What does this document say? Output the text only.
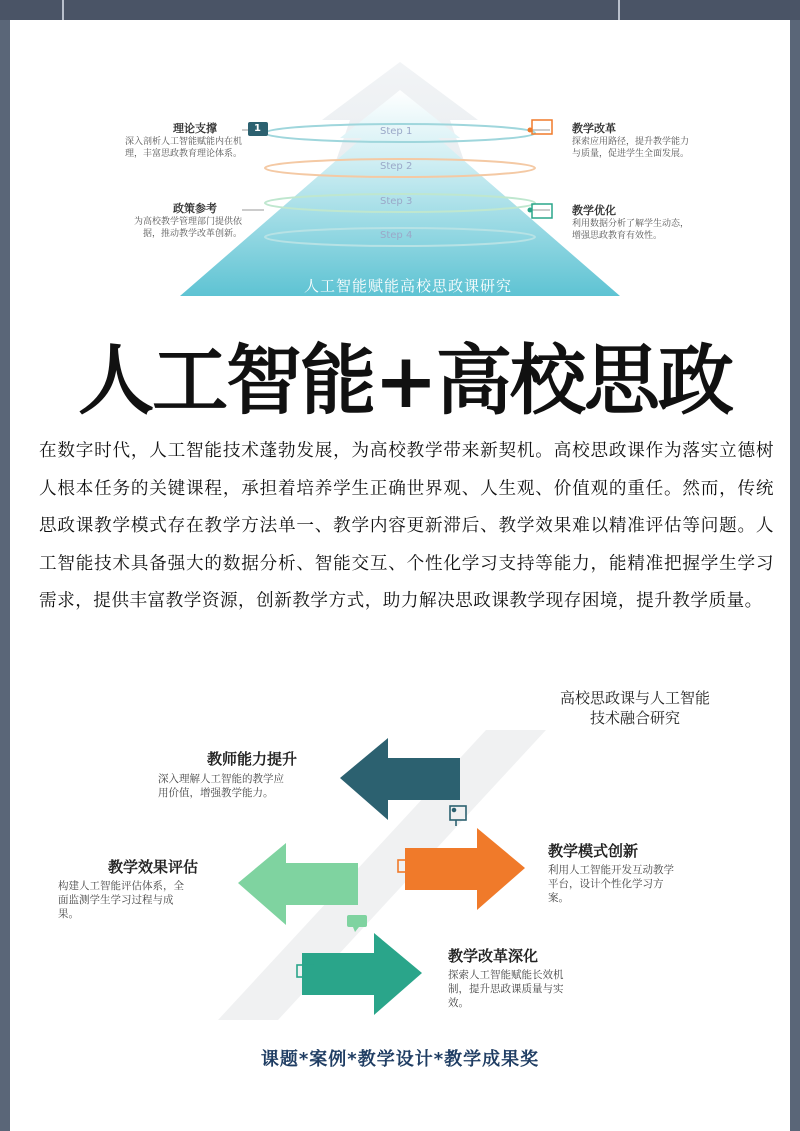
Step 1
Step 2
Step 3
Step 4
1
理论支撑
深入剖析人工智能赋能内在机
理，丰富思政教育理论体系。
政策参考
为高校教学管理部门提供依
据，推动教学改革创新。
教学改革
探索应用路径，提升教学能力
与质量，促进学生全面发展。
教学优化
利用数据分析了解学生动态，
增强思政教育有效性。
人工智能赋能高校思政课研究
人工智能+高校思政
在数字时代，人工智能技术蓬勃发展，为高校教学带来新契机。高校思政课作为落实立德树人根本任务的关键课程，承担着培养学生正确世界观、人生观、价值观的重任。然而，传统思政课教学模式存在教学方法单一、教学内容更新滞后、教学效果难以精准评估等问题。人工智能技术具备强大的数据分析、智能交互、个性化学习支持等能力，能精准把握学生学习需求，提供丰富教学资源，创新教学方式，助力解决思政课教学现存困境，提升教学质量。
高校思政课与人工智能
技术融合研究
教师能力提升
深入理解人工智能的教学应
用价值，增强教学能力。
教学模式创新
利用人工智能开发互动教学
平台，设计个性化学习方
案。
教学效果评估
构建人工智能评估体系，全
面监测学生学习过程与成
果。
教学改革深化
探索人工智能赋能长效机
制，提升思政课质量与实
效。
课题*案例*教学设计*教学成果奖
